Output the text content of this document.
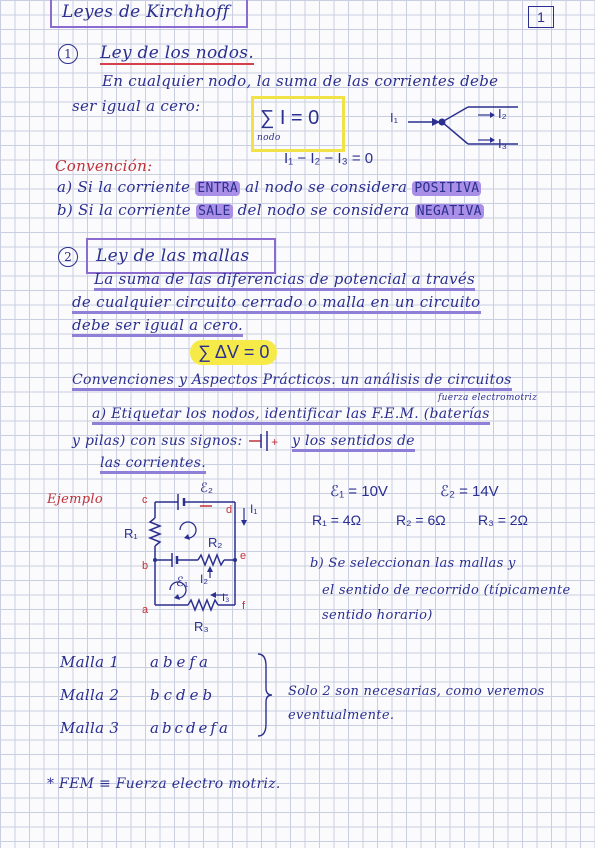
Leyes de Kirchhoff	1
1	Ley de los nodos.
En cualquier nodo, la suma de las corrientes debe
ser igual a cero:
∑ I = 0
nodo
I₁	I₂
I₃
I₁ − I₂ − I₃ = 0
Convención:
a) Si la corriente ENTRA al nodo se considera POSITIVA
b) Si la corriente SALE del nodo se considera NEGATIVA
2	Ley de las mallas
La suma de las diferencias de potencial a través
de cualquier circuito cerrado o malla en un circuito
debe ser igual a cero.
∑ ΔV = 0
Convenciones y Aspectos Prácticos. un análisis de circuitos
fuerza electromotriz
a) Etiquetar los nodos, identificar las F.E.M. (baterías
y pilas) con sus signos: + y los sentidos de
las corrientes.
Ejemplo	c
d
b
e
a	f
R₁
R₂
R₃
ℰ₁
ℰ₂
I₁
I₂
I₃
ℰ₁ = 10V	ℰ₂ = 14V
R₁ = 4Ω R₂ = 6Ω R₃ = 2Ω
b) Se seleccionan las mallas y
el sentido de recorrido (típicamente
sentido horario)
Malla 1 abefa
Malla 2 bcdeb
Malla 3 abcdefa
Solo 2 son necesarias, como veremos
eventualmente.
* FEM ≡ Fuerza electro motriz.
